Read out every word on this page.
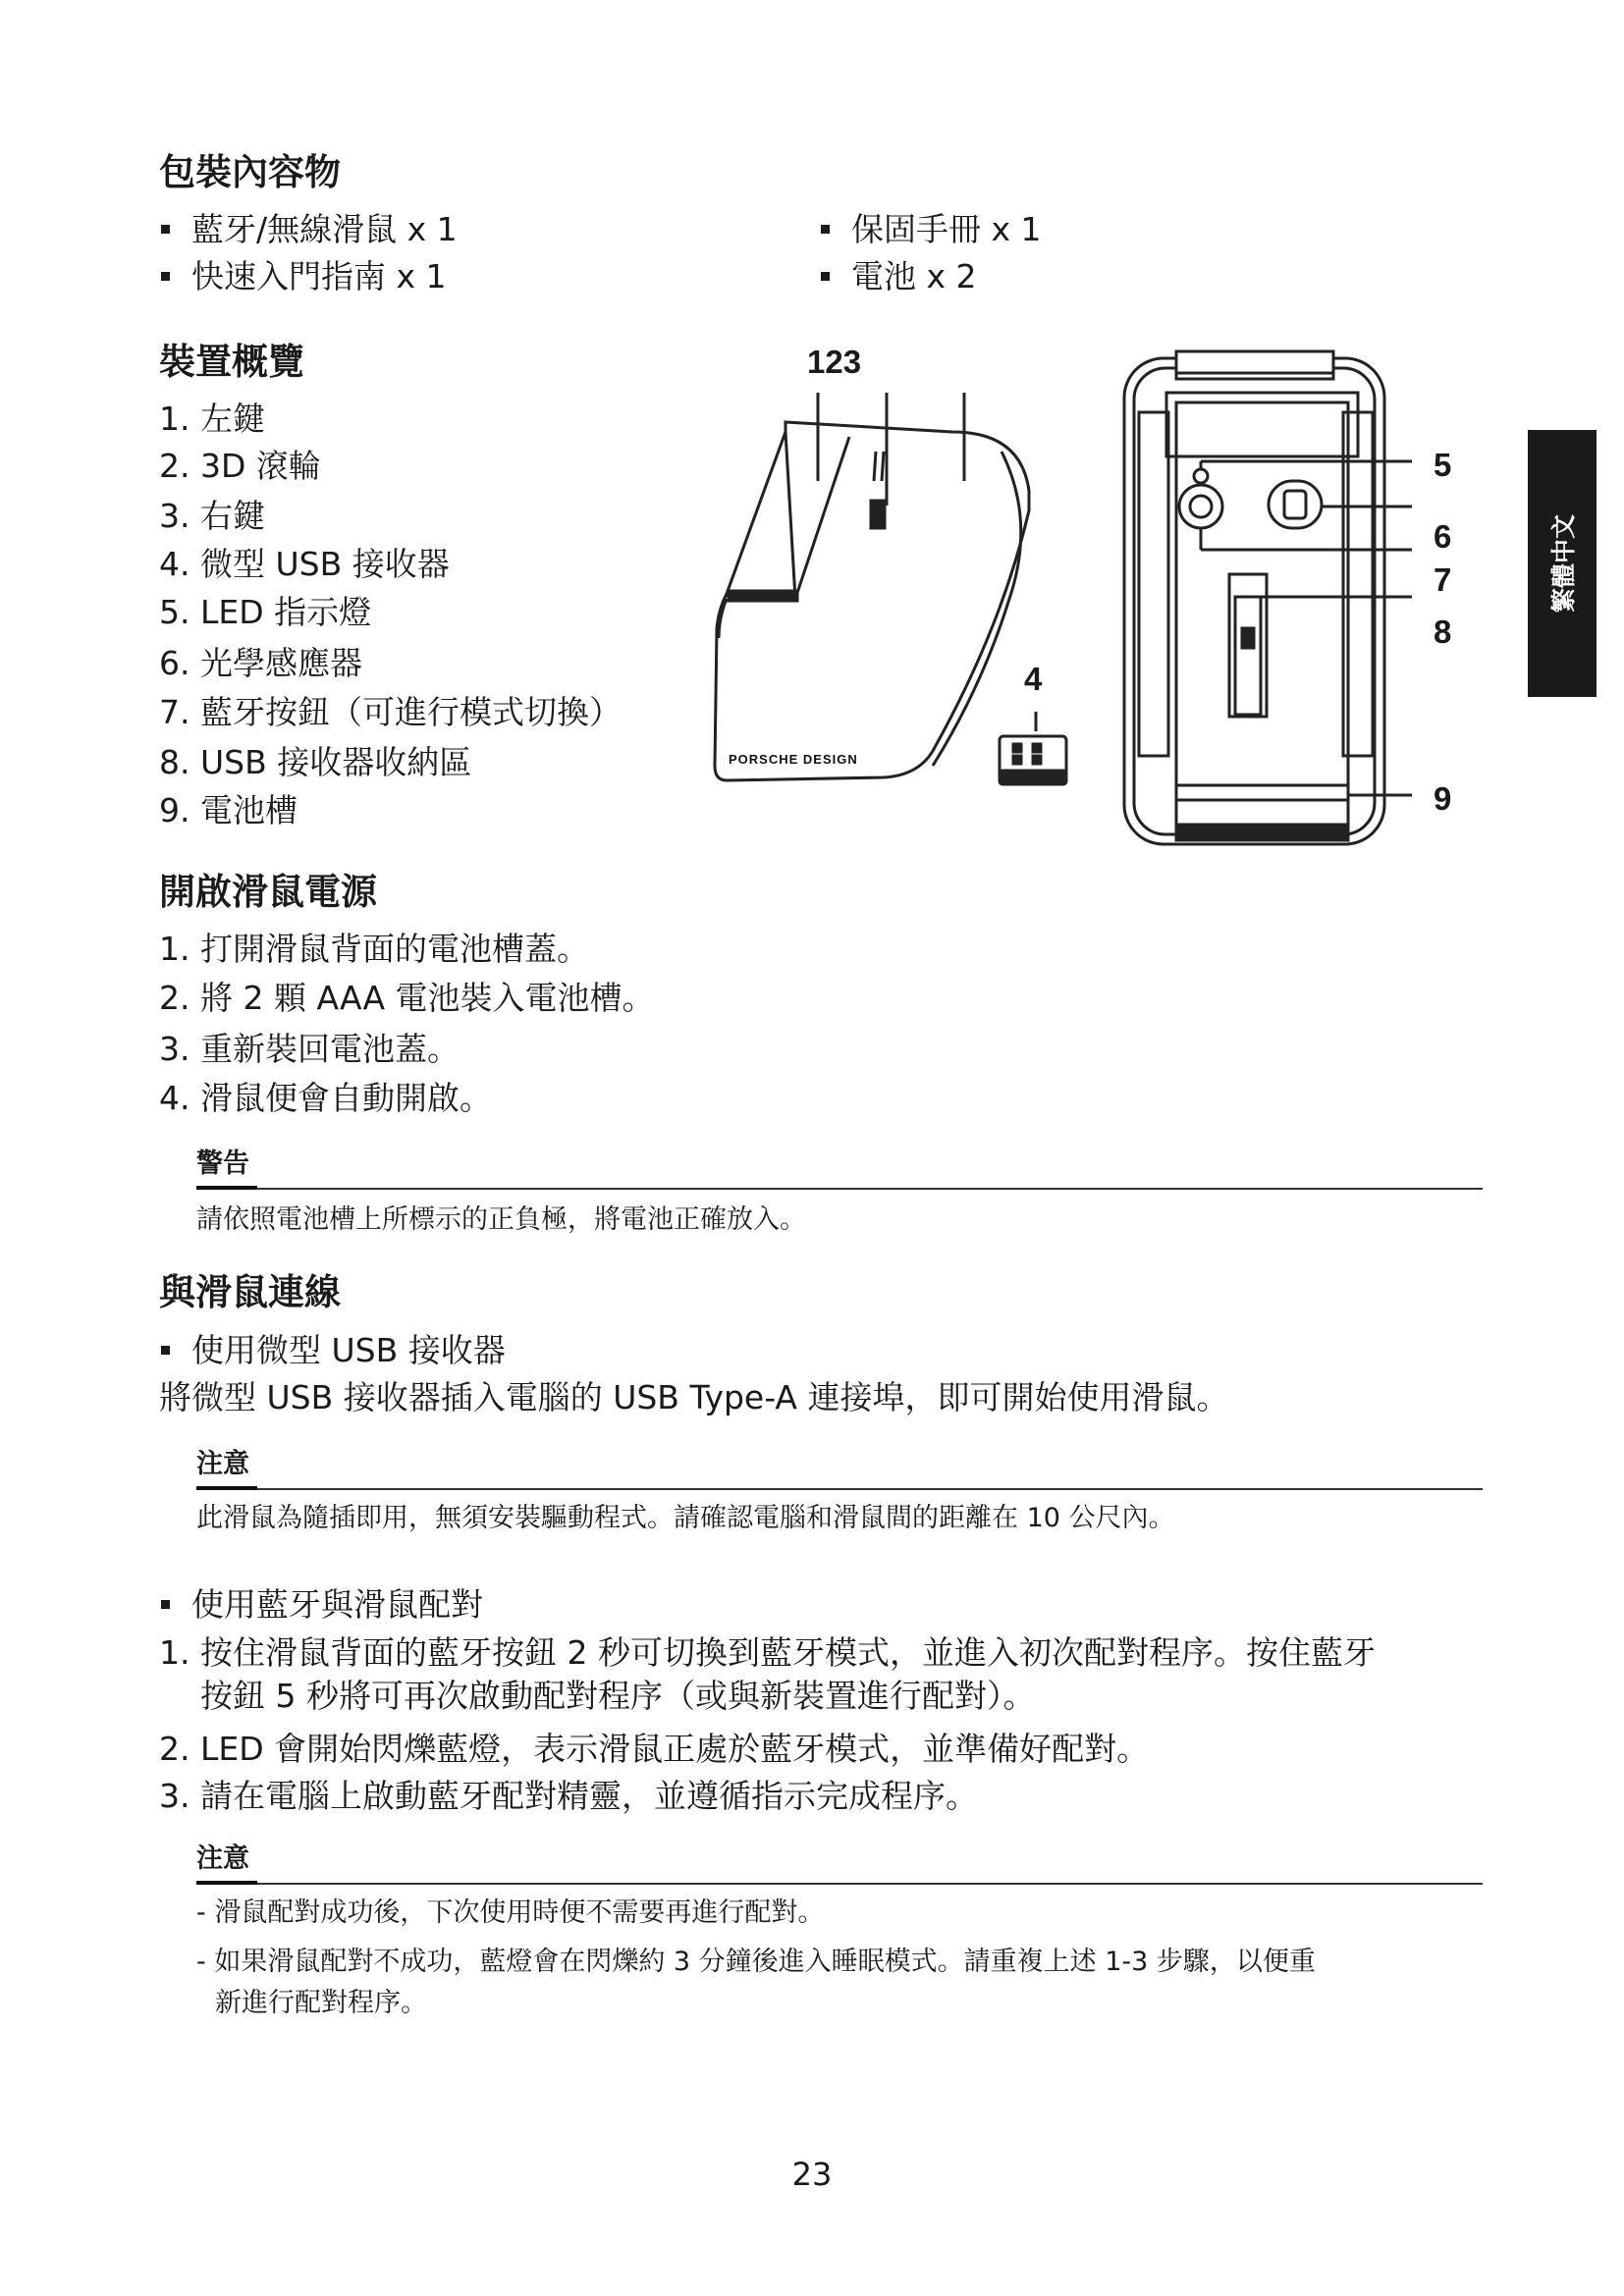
包裝內容物
藍牙/無線滑鼠 x 1
快速入門指南 x 1
保固手冊 x 1
電池 x 2
裝置概覽
1. 左鍵
2. 3D 滾輪
3. 右鍵
4. 微型 USB 接收器
5. LED 指示燈
6. 光學感應器
7. 藍牙按鈕（可進行模式切換）
8. USB 接收器收納區
9. 電池槽
PORSCHE DESIGN
123
4
5
6
7
8
9
繁體中文
開啟滑鼠電源
1. 打開滑鼠背面的電池槽蓋。
2. 將 2 顆 AAA 電池裝入電池槽。
3. 重新裝回電池蓋。
4. 滑鼠便會自動開啟。
警告
請依照電池槽上所標示的正負極，將電池正確放入。
與滑鼠連線
使用微型 USB 接收器
將微型 USB 接收器插入電腦的 USB Type-A 連接埠，即可開始使用滑鼠。
注意
此滑鼠為隨插即用，無須安裝驅動程式。請確認電腦和滑鼠間的距離在 10 公尺內。
使用藍牙與滑鼠配對
1. 按住滑鼠背面的藍牙按鈕 2 秒可切換到藍牙模式，並進入初次配對程序。按住藍牙
按鈕 5 秒將可再次啟動配對程序（或與新裝置進行配對）。
2. LED 會開始閃爍藍燈，表示滑鼠正處於藍牙模式，並準備好配對。
3. 請在電腦上啟動藍牙配對精靈，並遵循指示完成程序。
注意
- 滑鼠配對成功後，下次使用時便不需要再進行配對。
- 如果滑鼠配對不成功，藍燈會在閃爍約 3 分鐘後進入睡眠模式。請重複上述 1-3 步驟，以便重
新進行配對程序。
23
